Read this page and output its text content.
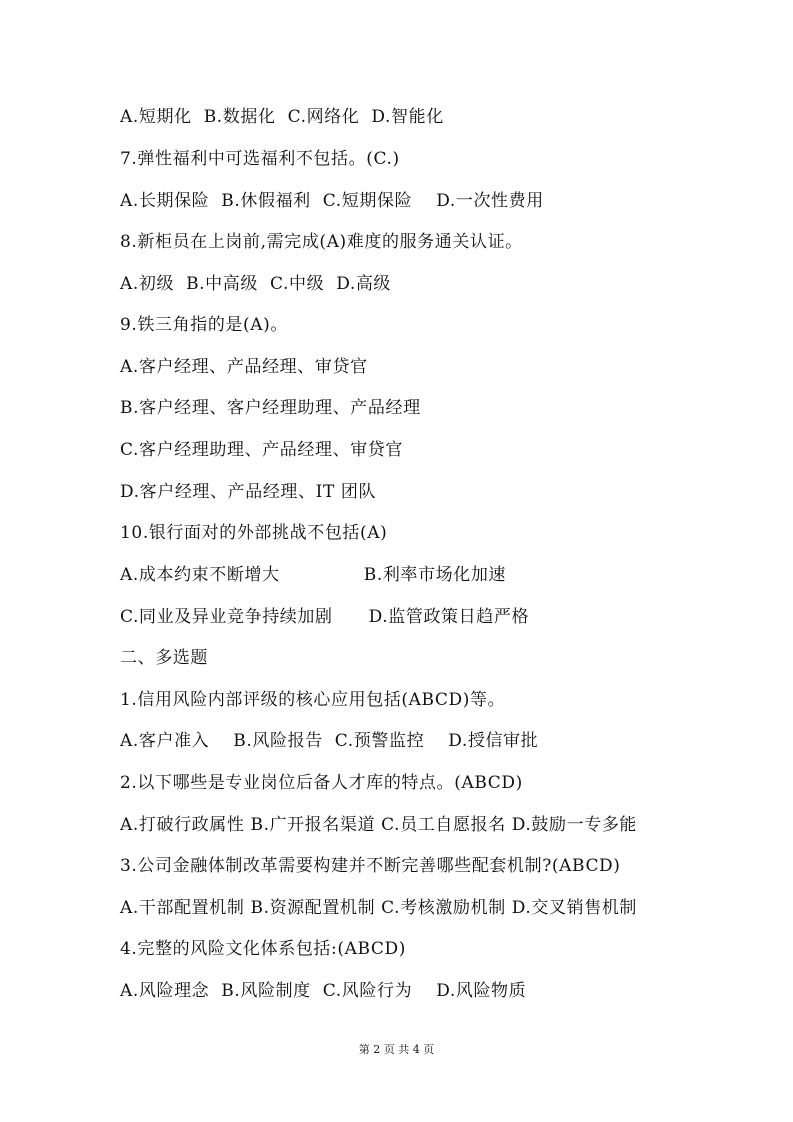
A.短期化  B.数据化  C.网络化  D.智能化
7.弹性福利中可选福利不包括。(C.)
A.长期保险  B.休假福利  C.短期保险    D.一次性费用
8.新柜员在上岗前,需完成(A)难度的服务通关认证。
A.初级  B.中高级  C.中级  D.高级
9.铁三角指的是(A)。
A.客户经理、产品经理、审贷官
B.客户经理、客户经理助理、产品经理
C.客户经理助理、产品经理、审贷官
D.客户经理、产品经理、IT 团队
10.银行面对的外部挑战不包括(A)
A.成本约束不断增大              B.利率市场化加速
C.同业及异业竞争持续加剧      D.监管政策日趋严格
二、多选题
1.信用风险内部评级的核心应用包括(ABCD)等。
A.客户准入    B.风险报告  C.预警监控    D.授信审批
2.以下哪些是专业岗位后备人才库的特点。(ABCD)
A.打破行政属性 B.广开报名渠道 C.员工自愿报名 D.鼓励一专多能
3.公司金融体制改革需要构建并不断完善哪些配套机制?(ABCD)
A.干部配置机制 B.资源配置机制 C.考核激励机制 D.交叉销售机制
4.完整的风险文化体系包括:(ABCD)
A.风险理念  B.风险制度  C.风险行为    D.风险物质
第 2 页 共 4 页
